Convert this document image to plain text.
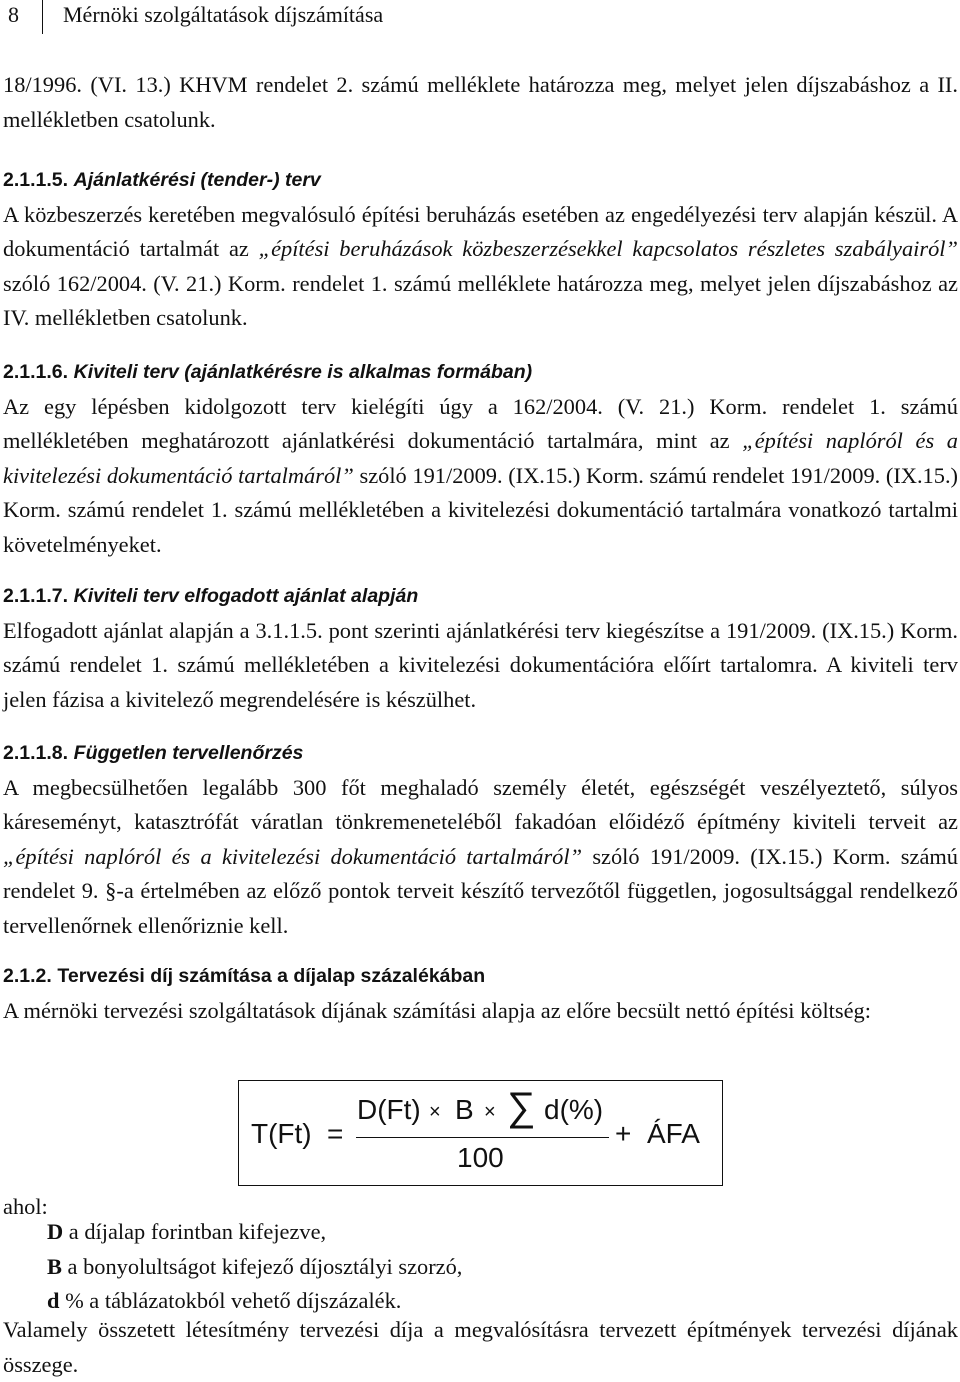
8 Mérnöki szolgáltatások díjszámítása
18/1996. (VI. 13.) KHVM rendelet 2. számú melléklete határozza meg, melyet jelen díjszabáshoz a II. mellékletben csatolunk.
2.1.1.5. Ajánlatkérési (tender-) terv
A közbeszerzés keretében megvalósuló építési beruházás esetében az engedélyezési terv alapján készül. A dokumentáció tartalmát az „építési beruházások közbeszerzésekkel kapcsolatos részletes szabályairól” szóló 162/2004. (V. 21.) Korm. rendelet 1. számú melléklete határozza meg, melyet jelen díjszabáshoz az IV. mellékletben csatolunk.
2.1.1.6. Kiviteli terv (ajánlatkérésre is alkalmas formában)
Az egy lépésben kidolgozott terv kielégíti úgy a 162/2004. (V. 21.) Korm. rendelet 1. számú mellékletében meghatározott ajánlatkérési dokumentáció tartalmára, mint az „építési naplóról és a kivitelezési dokumentáció tartalmáról” szóló 191/2009. (IX.15.) Korm. számú rendelet 191/2009. (IX.15.) Korm. számú rendelet 1. számú mellékletében a kivitelezési dokumentáció tartalmára vonatkozó tartalmi követelményeket.
2.1.1.7. Kiviteli terv elfogadott ajánlat alapján
Elfogadott ajánlat alapján a 3.1.1.5. pont szerinti ajánlatkérési terv kiegészítse a 191/2009. (IX.15.) Korm. számú rendelet 1. számú mellékletében a kivitelezési dokumentációra előírt tartalomra. A kiviteli terv jelen fázisa a kivitelező megrendelésére is készülhet.
2.1.1.8. Független tervellenőrzés
A megbecsülhetően legalább 300 főt meghaladó személy életét, egészségét veszélyeztető, súlyos káreseményt, katasztrófát váratlan tönkremeneteléből fakadóan előidéző építmény kiviteli terveit az „építési naplóról és a kivitelezési dokumentáció tartalmáról” szóló 191/2009. (IX.15.) Korm. számú rendelet 9. §-a értelmében az előző pontok terveit készítő tervezőtől független, jogosultsággal rendelkező tervellenőrnek ellenőriznie kell.
2.1.2. Tervezési díj számítása a díjalap százalékában
A mérnöki tervezési szolgáltatások díjának számítási alapja az előre becsült nettó építési költség:
T(Ft) =
D(Ft) × B × ∑ d(%)
100
+ ÁFA
ahol:
D a díjalap forintban kifejezve,
B a bonyolultságot kifejező díjosztályi szorzó,
d % a táblázatokból vehető díjszázalék.
Valamely összetett létesítmény tervezési díja a megvalósításra tervezett építmények tervezési díjának összege.
